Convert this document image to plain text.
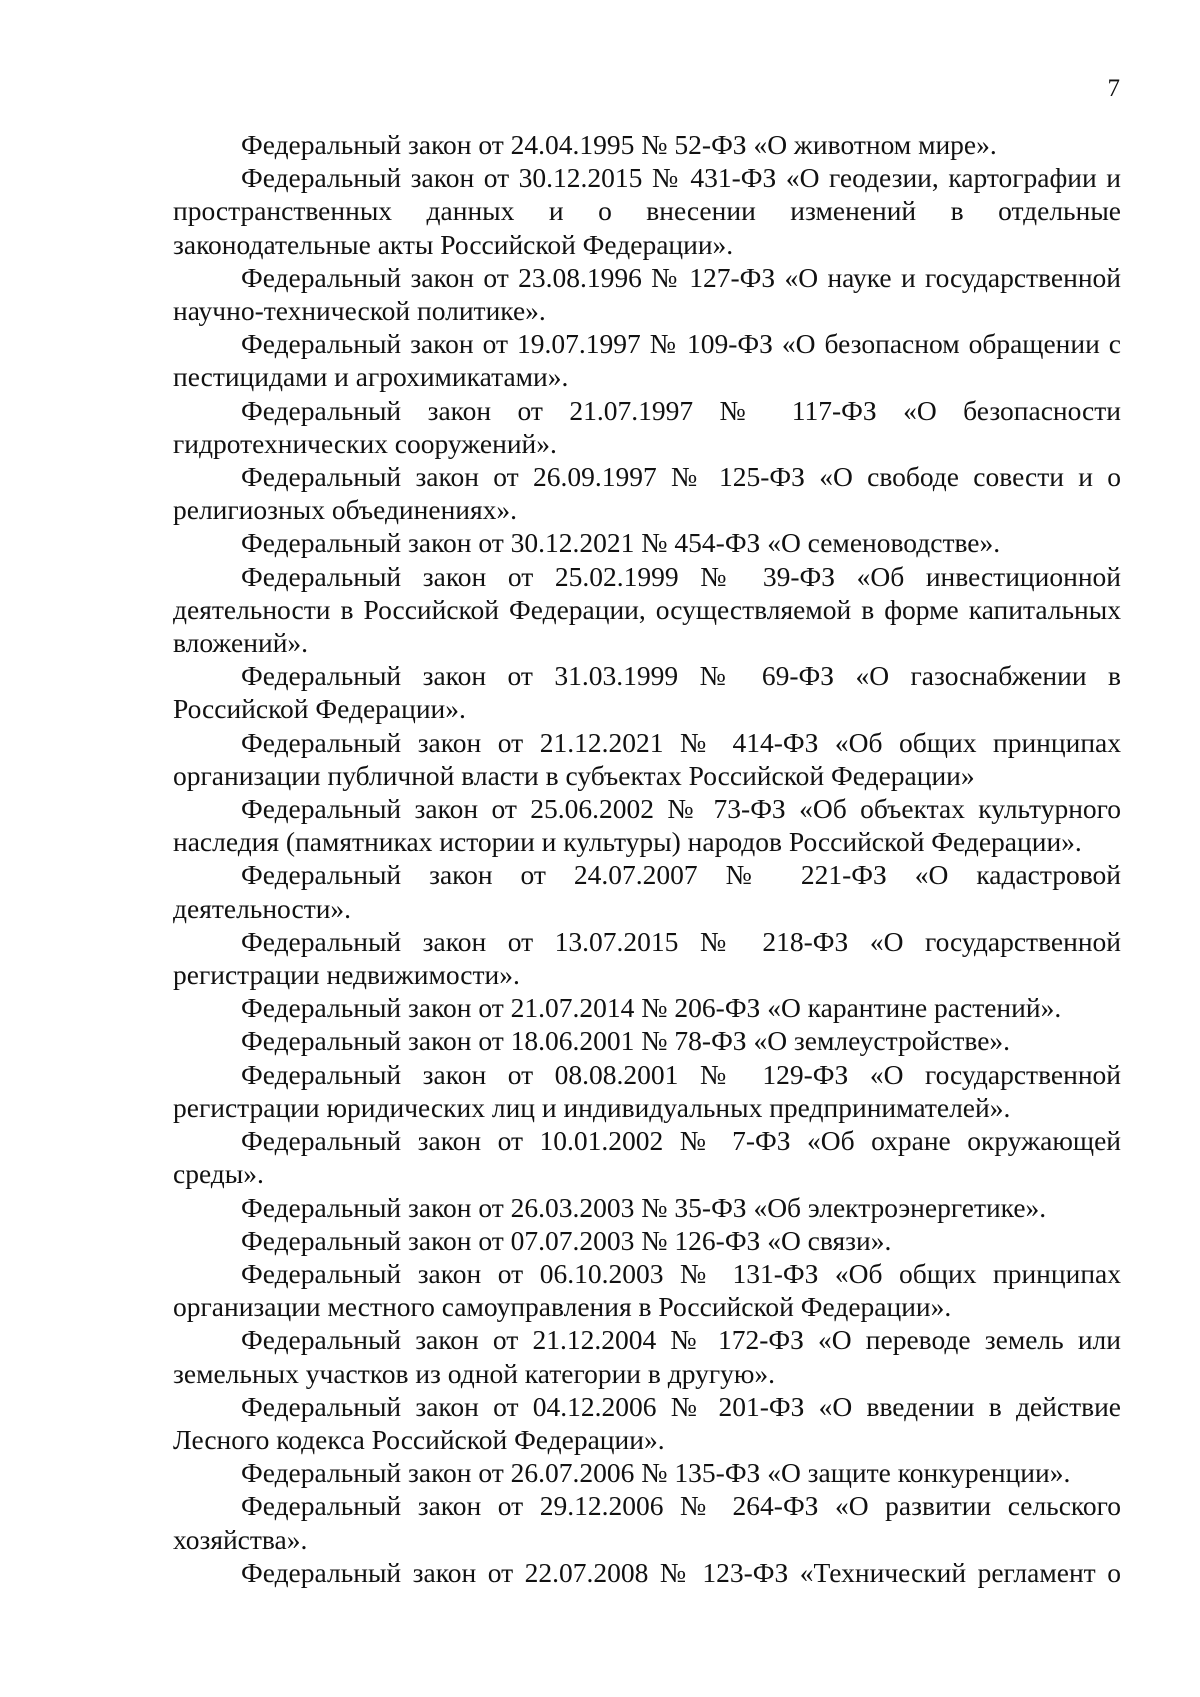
7

Федеральный закон от 24.04.1995 № 52-ФЗ «О животном мире».

Федеральный закон от 30.12.2015 № 431-ФЗ «О геодезии, картографии и пространственных данных и о внесении изменений в отдельные законодательные акты Российской Федерации».

Федеральный закон от 23.08.1996 № 127-ФЗ «О науке и государственной научно-технической политике».

Федеральный закон от 19.07.1997 № 109-ФЗ «О безопасном обращении с пестицидами и агрохимикатами».

Федеральный закон от 21.07.1997 № 117-ФЗ «О безопасности гидротехнических сооружений».

Федеральный закон от 26.09.1997 № 125-ФЗ «О свободе совести и о религиозных объединениях».

Федеральный закон от 30.12.2021 № 454-ФЗ «О семеноводстве».

Федеральный закон от 25.02.1999 № 39-ФЗ «Об инвестиционной деятельности в Российской Федерации, осуществляемой в форме капитальных вложений».

Федеральный закон от 31.03.1999 № 69-ФЗ «О газоснабжении в Российской Федерации».

Федеральный закон от 21.12.2021 № 414-ФЗ «Об общих принципах организации публичной власти в субъектах Российской Федерации»

Федеральный закон от 25.06.2002 № 73-ФЗ «Об объектах культурного наследия (памятниках истории и культуры) народов Российской Федерации».

Федеральный закон от 24.07.2007 № 221-ФЗ «О кадастровой деятельности».

Федеральный закон от 13.07.2015 № 218-ФЗ «О государственной регистрации недвижимости».

Федеральный закон от 21.07.2014 № 206-ФЗ «О карантине растений».

Федеральный закон от 18.06.2001 № 78-ФЗ «О землеустройстве».

Федеральный закон от 08.08.2001 № 129-ФЗ «О государственной регистрации юридических лиц и индивидуальных предпринимателей».

Федеральный закон от 10.01.2002 № 7-ФЗ «Об охране окружающей среды».

Федеральный закон от 26.03.2003 № 35-ФЗ «Об электроэнергетике».

Федеральный закон от 07.07.2003 № 126-ФЗ «О связи».

Федеральный закон от 06.10.2003 № 131-ФЗ «Об общих принципах организации местного самоуправления в Российской Федерации».

Федеральный закон от 21.12.2004 № 172-ФЗ «О переводе земель или земельных участков из одной категории в другую».

Федеральный закон от 04.12.2006 № 201-ФЗ «О введении в действие Лесного кодекса Российской Федерации».

Федеральный закон от 26.07.2006 № 135-ФЗ «О защите конкуренции».

Федеральный закон от 29.12.2006 № 264-ФЗ «О развитии сельского хозяйства».

Федеральный закон от 22.07.2008 № 123-ФЗ «Технический регламент о
